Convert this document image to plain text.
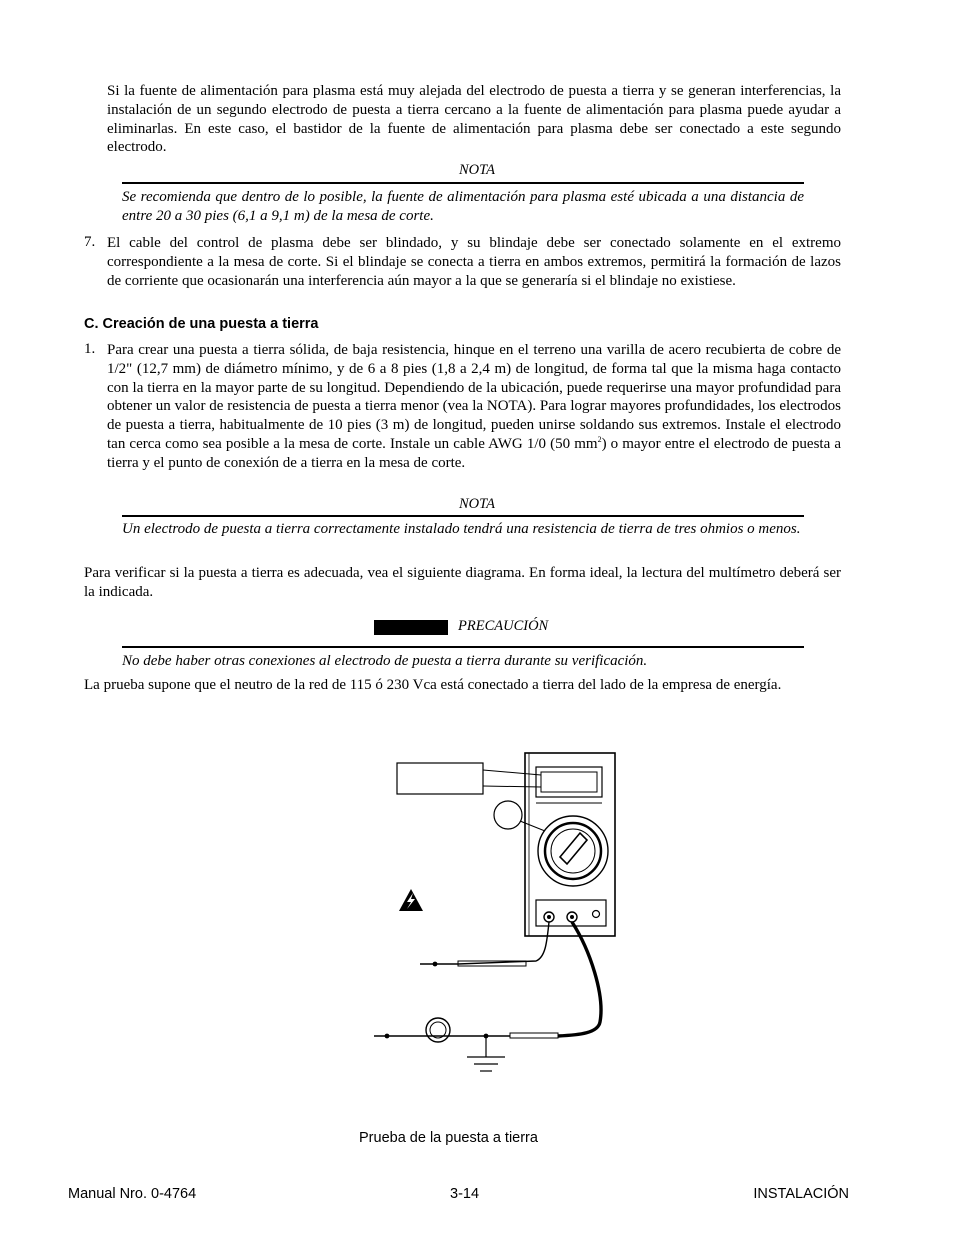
Si la fuente de alimentación para plasma está muy alejada del electrodo de puesta a tierra y se generan interferencias, la instalación de un segundo electrodo de puesta a tierra cercano a la fuente de alimentación para plasma puede ayudar a eliminarlas. En este caso, el bastidor de la fuente de alimentación para plasma debe ser conectado a este segundo electrodo.
NOTA
Se recomienda que dentro de lo posible, la fuente de alimentación para plasma esté ubicada a una distancia de entre 20 a 30 pies (6,1 a 9,1 m) de la mesa de corte.
7. El cable del control de plasma debe ser blindado, y su blindaje debe ser conectado solamente en el extremo correspondiente a la mesa de corte. Si el blindaje se conecta a tierra en ambos extremos, permitirá la formación de lazos de corriente que ocasionarán una interferencia aún mayor a la que se generaría si el blindaje no existiese.
C. Creación de una puesta a tierra
1. Para crear una puesta a tierra sólida, de baja resistencia, hinque en el terreno una varilla de acero recubierta de cobre de 1/2" (12,7 mm) de diámetro mínimo, y de 6 a 8 pies (1,8 a 2,4 m) de longitud, de forma tal que la misma haga contacto con la tierra en la mayor parte de su longitud. Dependiendo de la ubicación, puede requerirse una mayor profundidad para obtener un valor de resistencia de puesta a tierra menor (vea la NOTA). Para lograr mayores profundidades, los electrodos de puesta a tierra, habitualmente de 10 pies (3 m) de longitud, pueden unirse soldando sus extremos. Instale el electrodo tan cerca como sea posible a la mesa de corte. Instale un cable AWG 1/0 (50 $mm^2$) o mayor entre el electrodo de puesta a tierra y el punto de conexión de a tierra en la mesa de corte.
NOTA
Un electrodo de puesta a tierra correctamente instalado tendrá una resistencia de tierra de tres ohmios o menos.
Para verificar si la puesta a tierra es adecuada, vea el siguiente diagrama. En forma ideal, la lectura del multímetro deberá ser la indicada.
PRECAUCIÓN
No debe haber otras conexiones al electrodo de puesta a tierra durante su verificación.
La prueba supone que el neutro de la red de 115 ó 230 Vca está conectado a tierra del lado de la empresa de energía.
Prueba de la puesta a tierra
Manual Nro. 0-4764	3-14	INSTALACIÓN
